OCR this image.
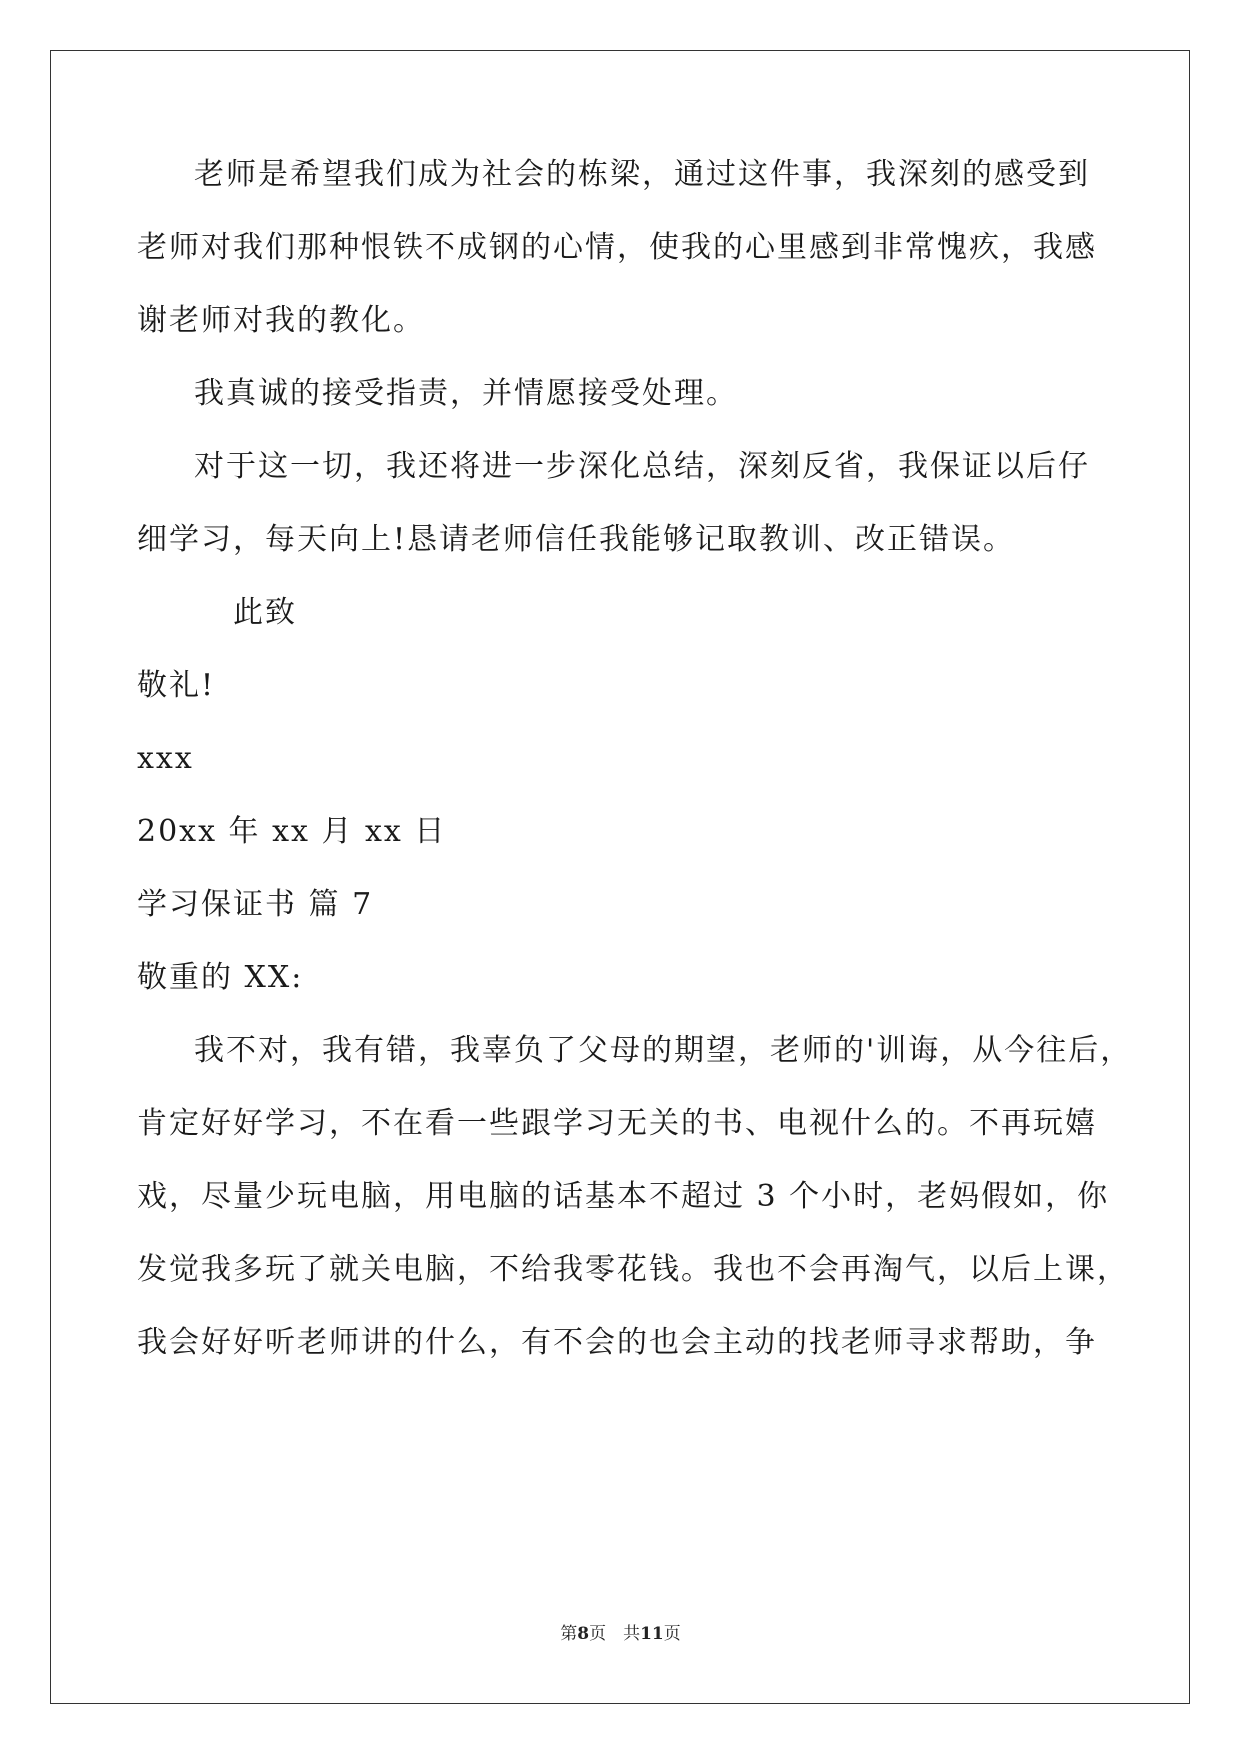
老师是希望我们成为社会的栋梁，通过这件事，我深刻的感受到
老师对我们那种恨铁不成钢的心情，使我的心里感到非常愧疚，我感
谢老师对我的教化。
我真诚的接受指责，并情愿接受处理。
对于这一切，我还将进一步深化总结，深刻反省，我保证以后仔
细学习，每天向上!恳请老师信任我能够记取教训、改正错误。
此致
敬礼!
xxx
20xx 年 xx 月 xx 日
学习保证书 篇 7
敬重的 XX:
我不对，我有错，我辜负了父母的期望，老师的'训诲，从今往后，
肯定好好学习，不在看一些跟学习无关的书、电视什么的。不再玩嬉
戏，尽量少玩电脑，用电脑的话基本不超过 3 个小时，老妈假如，你
发觉我多玩了就关电脑，不给我零花钱。我也不会再淘气，以后上课，
我会好好听老师讲的什么，有不会的也会主动的找老师寻求帮助，争
第8页　共11页
